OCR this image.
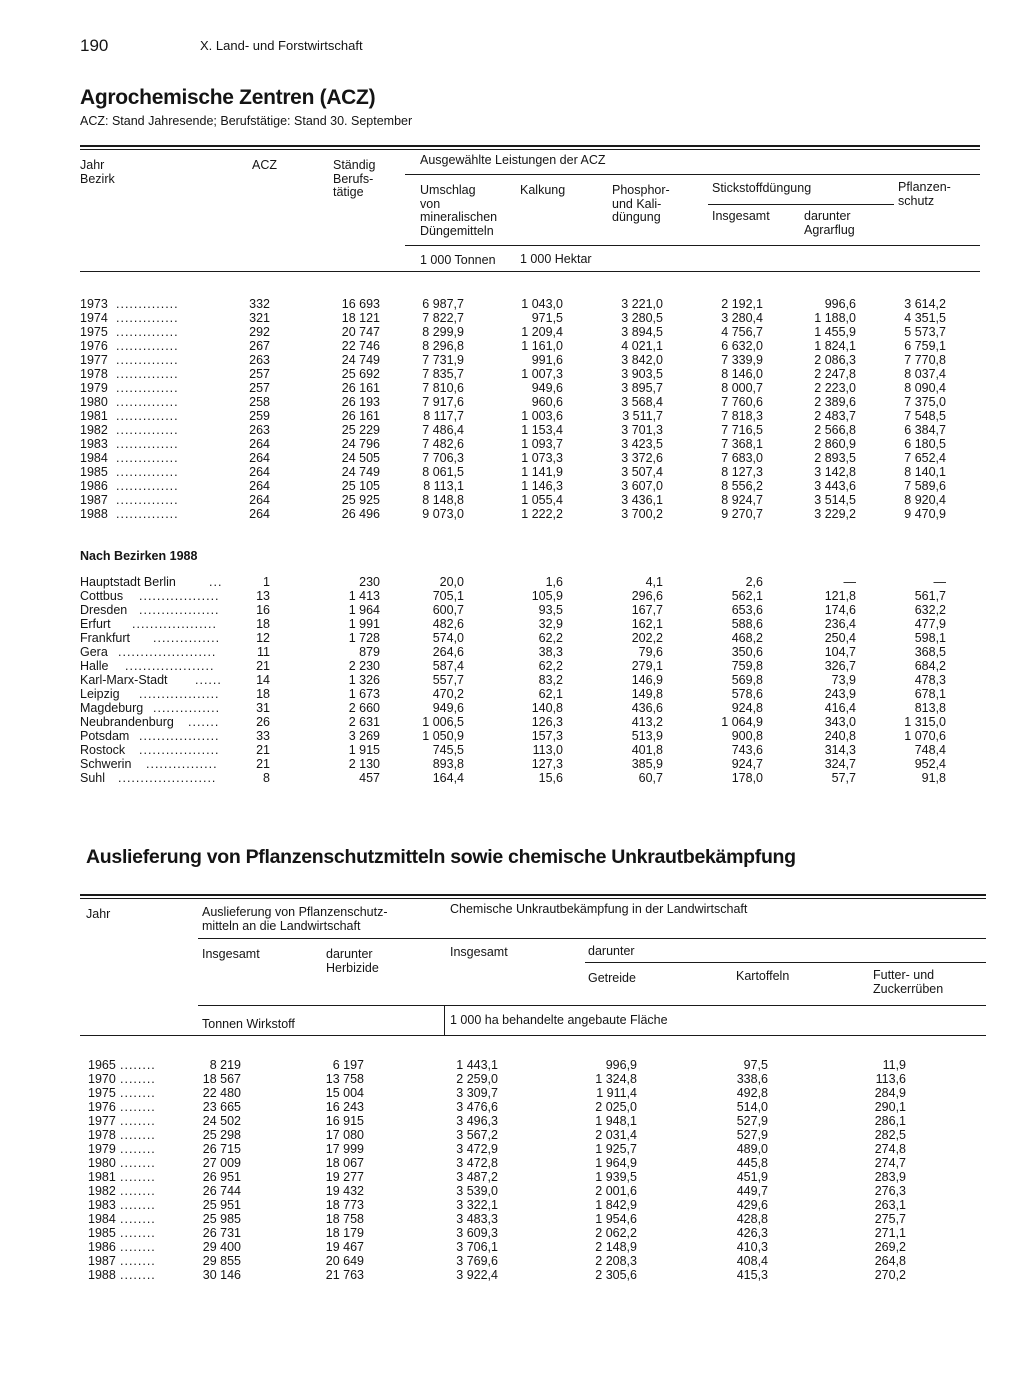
190	X. Land- und Forstwirtschaft
Agrochemische Zentren (ACZ)
ACZ: Stand Jahresende; Berufstätige: Stand 30. September
Jahr
Bezirk
ACZ	Ständig
Berufs-
tätige
Ausgewählte Leistungen der ACZ
Umschlag
von
mineralischen
Düngemitteln
Kalkung	Phosphor-
und Kali-
düngung
Stickstoffdüngung	Pflanzen-
schutz
Insgesamt	darunter
Agrarflug
1 000 Tonnen 1 000 Hektar
1973 ..............	332	16 693	6 987,7	1 043,0	3 221,0	2 192,1	996,6	3 614,2
1974 ..............	321	18 121	7 822,7	971,5	3 280,5	3 280,4	1 188,0	4 351,5
1975 ..............	292	20 747	8 299,9	1 209,4	3 894,5	4 756,7	1 455,9	5 573,7
1976 ..............	267	22 746	8 296,8	1 161,0	4 021,1	6 632,0	1 824,1	6 759,1
1977 ..............	263	24 749	7 731,9	991,6	3 842,0	7 339,9	2 086,3	7 770,8
1978 ..............	257	25 692	7 835,7	1 007,3	3 903,5	8 146,0	2 247,8	8 037,4
1979 ..............	257	26 161	7 810,6	949,6	3 895,7	8 000,7	2 223,0	8 090,4
1980 ..............	258	26 193	7 917,6	960,6	3 568,4	7 760,6	2 389,6	7 375,0
1981 ..............	259	26 161	8 117,7	1 003,6	3 511,7	7 818,3	2 483,7	7 548,5
1982 ..............	263	25 229	7 486,4	1 153,4	3 701,3	7 716,5	2 566,8	6 384,7
1983 ..............	264	24 796	7 482,6	1 093,7	3 423,5	7 368,1	2 860,9	6 180,5
1984 ..............	264	24 505	7 706,3	1 073,3	3 372,6	7 683,0	2 893,5	7 652,4
1985 ..............	264	24 749	8 061,5	1 141,9	3 507,4	8 127,3	3 142,8	8 140,1
1986 ..............	264	25 105	8 113,1	1 146,3	3 607,0	8 556,2	3 443,6	7 589,6
1987 ..............	264	25 925	8 148,8	1 055,4	3 436,1	8 924,7	3 514,5	8 920,4
1988 ..............	264	26 496	9 073,0	1 222,2	3 700,2	9 270,7	3 229,2	9 470,9
Nach Bezirken 1988
Hauptstadt Berlin	...	1	230	20,0	1,6	4,1	2,6	—	—
Cottbus ..................	13	1 413	705,1	105,9	296,6	562,1	121,8	561,7
Dresden ..................	16	1 964	600,7	93,5	167,7	653,6	174,6	632,2
Erfurt ...................	18	1 991	482,6	32,9	162,1	588,6	236,4	477,9
Frankfurt ...............	12	1 728	574,0	62,2	202,2	468,2	250,4	598,1
Gera ......................	11	879	264,6	38,3	79,6	350,6	104,7	368,5
Halle ....................	21	2 230	587,4	62,2	279,1	759,8	326,7	684,2
Karl-Marx-Stadt ......	14	1 326	557,7	83,2	146,9	569,8	73,9	478,3
Leipzig ..................	18	1 673	470,2	62,1	149,8	578,6	243,9	678,1
Magdeburg ...............	31	2 660	949,6	140,8	436,6	924,8	416,4	813,8
Neubrandenburg .......	26	2 631	1 006,5	126,3	413,2	1 064,9	343,0	1 315,0
Potsdam ..................	33	3 269	1 050,9	157,3	513,9	900,8	240,8	1 070,6
Rostock ..................	21	1 915	745,5	113,0	401,8	743,6	314,3	748,4
Schwerin ................	21	2 130	893,8	127,3	385,9	924,7	324,7	952,4
Suhl ......................	8	457	164,4	15,6	60,7	178,0	57,7	91,8
Auslieferung von Pflanzenschutzmitteln sowie chemische Unkrautbekämpfung
Jahr	Auslieferung von Pflanzenschutz-
mitteln an die Landwirtschaft
Chemische Unkrautbekämpfung in der Landwirtschaft
Insgesamt	darunter
Herbizide
Insgesamt	darunter
Getreide	Kartoffeln	Futter- und
Zuckerrüben
Tonnen Wirkstoff	1 000 ha behandelte angebaute Fläche
1965 ........	8 219	6 197	1 443,1	996,9	97,5	11,9
1970 ........	18 567	13 758	2 259,0	1 324,8	338,6	113,6
1975 ........	22 480	15 004	3 309,7	1 911,4	492,8	284,9
1976 ........	23 665	16 243	3 476,6	2 025,0	514,0	290,1
1977 ........	24 502	16 915	3 496,3	1 948,1	527,9	286,1
1978 ........	25 298	17 080	3 567,2	2 031,4	527,9	282,5
1979 ........	26 715	17 999	3 472,9	1 925,7	489,0	274,8
1980 ........	27 009	18 067	3 472,8	1 964,9	445,8	274,7
1981 ........	26 951	19 277	3 487,2	1 939,5	451,9	283,9
1982 ........	26 744	19 432	3 539,0	2 001,6	449,7	276,3
1983 ........	25 951	18 773	3 322,1	1 842,9	429,6	263,1
1984 ........	25 985	18 758	3 483,3	1 954,6	428,8	275,7
1985 ........	26 731	18 179	3 609,3	2 062,2	426,3	271,1
1986 ........	29 400	19 467	3 706,1	2 148,9	410,3	269,2
1987 ........	29 855	20 649	3 769,6	2 208,3	408,4	264,8
1988 ........	30 146	21 763	3 922,4	2 305,6	415,3	270,2
